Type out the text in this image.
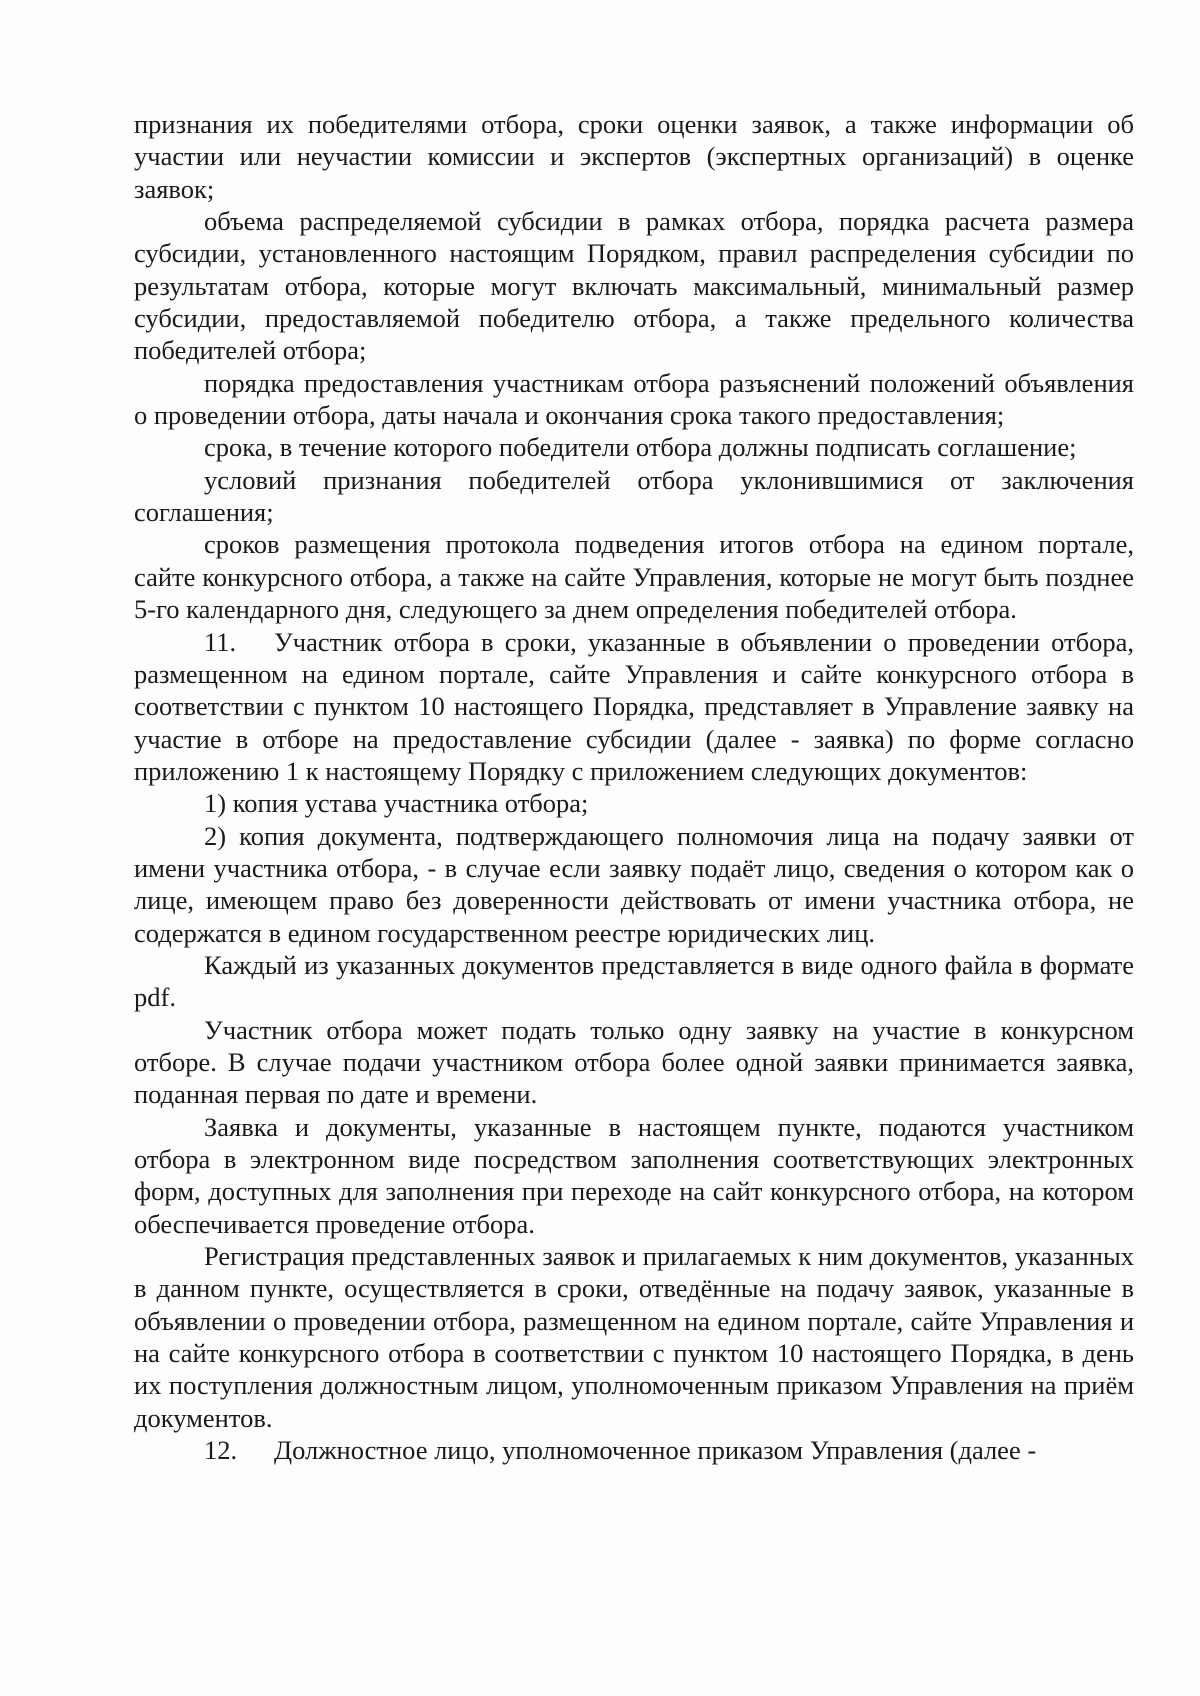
признания их победителями отбора, сроки оценки заявок, а также информации об участии или неучастии комиссии и экспертов (экспертных организаций) в оценке заявок;

объема распределяемой субсидии в рамках отбора, порядка расчета размера субсидии, установленного настоящим Порядком, правил распределения субсидии по результатам отбора, которые могут включать максимальный, минимальный размер субсидии, предоставляемой победителю отбора, а также предельного количества победителей отбора;

порядка предоставления участникам отбора разъяснений положений объявления о проведении отбора, даты начала и окончания срока такого предоставления;

срока, в течение которого победители отбора должны подписать соглашение;

условий признания победителей отбора уклонившимися от заключения соглашения;

сроков размещения протокола подведения итогов отбора на едином портале, сайте конкурсного отбора, а также на сайте Управления, которые не могут быть позднее 5-го календарного дня, следующего за днем определения победителей отбора.

11. Участник отбора в сроки, указанные в объявлении о проведении отбора, размещенном на едином портале, сайте Управления и сайте конкурсного отбора в соответствии с пунктом 10 настоящего Порядка, представляет в Управление заявку на участие в отборе на предоставление субсидии (далее - заявка) по форме согласно приложению 1 к настоящему Порядку с приложением следующих документов:

1) копия устава участника отбора;

2) копия документа, подтверждающего полномочия лица на подачу заявки от имени участника отбора, - в случае если заявку подаёт лицо, сведения о котором как о лице, имеющем право без доверенности действовать от имени участника отбора, не содержатся в едином государственном реестре юридических лиц.

Каждый из указанных документов представляется в виде одного файла в формате pdf.

Участник отбора может подать только одну заявку на участие в конкурсном отборе. В случае подачи участником отбора более одной заявки принимается заявка, поданная первая по дате и времени.

Заявка и документы, указанные в настоящем пункте, подаются участником отбора в электронном виде посредством заполнения соответствующих электронных форм, доступных для заполнения при переходе на сайт конкурсного отбора, на котором обеспечивается проведение отбора.

Регистрация представленных заявок и прилагаемых к ним документов, указанных в данном пункте, осуществляется в сроки, отведённые на подачу заявок, указанные в объявлении о проведении отбора, размещенном на едином портале, сайте Управления и на сайте конкурсного отбора в соответствии с пунктом 10 настоящего Порядка, в день их поступления должностным лицом, уполномоченным приказом Управления на приём документов.

12. Должностное лицо, уполномоченное приказом Управления (далее -
